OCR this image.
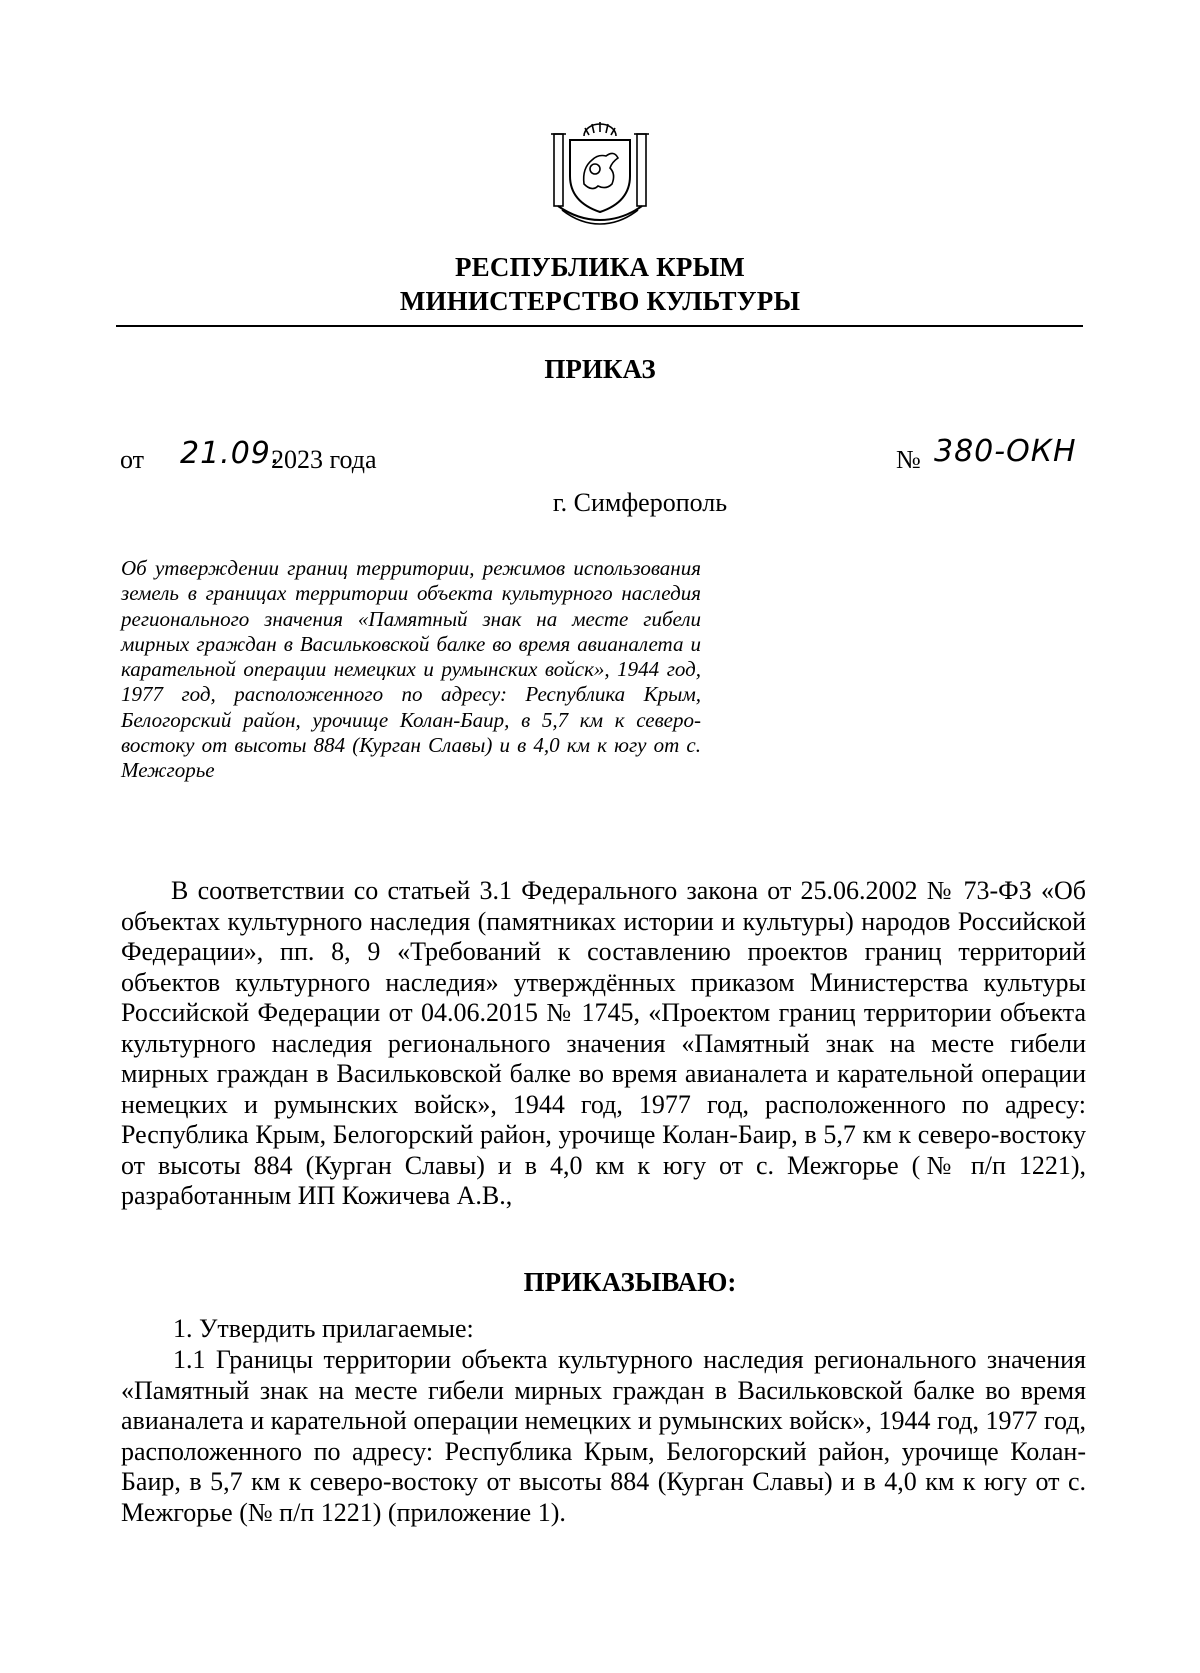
РЕСПУБЛИКА КРЫМ
МИНИСТЕРСТВО КУЛЬТУРЫ
ПРИКАЗ
от 21.09.
2023 года	№ 380-ОКН
г. Симферополь
Об утверждении границ территории, режимов использования земель в границах территории объекта культурного наследия регионального значения «Памятный знак на месте гибели мирных граждан в Васильковской балке во время авианалета и карательной операции немецких и румынских войск», 1944 год, 1977 год, расположенного по адресу: Республика Крым, Белогорский район, урочище Колан-Баир, в 5,7 км к северо-востоку от высоты 884 (Курган Славы) и в 4,0 км к югу от с. Межгорье
В соответствии со статьей 3.1 Федерального закона от 25.06.2002 № 73-ФЗ «Об объектах культурного наследия (памятниках истории и культуры) народов Российской Федерации», пп. 8, 9 «Требований к составлению проектов границ территорий объектов культурного наследия» утверждённых приказом Министерства культуры Российской Федерации от 04.06.2015 № 1745, «Проектом границ территории объекта культурного наследия регионального значения «Памятный знак на месте гибели мирных граждан в Васильковской балке во время авианалета и карательной операции немецких и румынских войск», 1944 год, 1977 год, расположенного по адресу: Республика Крым, Белогорский район, урочище Колан-Баир, в 5,7 км к северо-востоку от высоты 884 (Курган Славы) и в 4,0 км к югу от с. Межгорье (№ п/п 1221), разработанным ИП Кожичева А.В.,
ПРИКАЗЫВАЮ:
1. Утвердить прилагаемые:
1.1 Границы территории объекта культурного наследия регионального значения «Памятный знак на месте гибели мирных граждан в Васильковской балке во время авианалета и карательной операции немецких и румынских войск», 1944 год, 1977 год, расположенного по адресу: Республика Крым, Белогорский район, урочище Колан-Баир, в 5,7 км к северо-востоку от высоты 884 (Курган Славы) и в 4,0 км к югу от с. Межгорье (№ п/п 1221) (приложение 1).
